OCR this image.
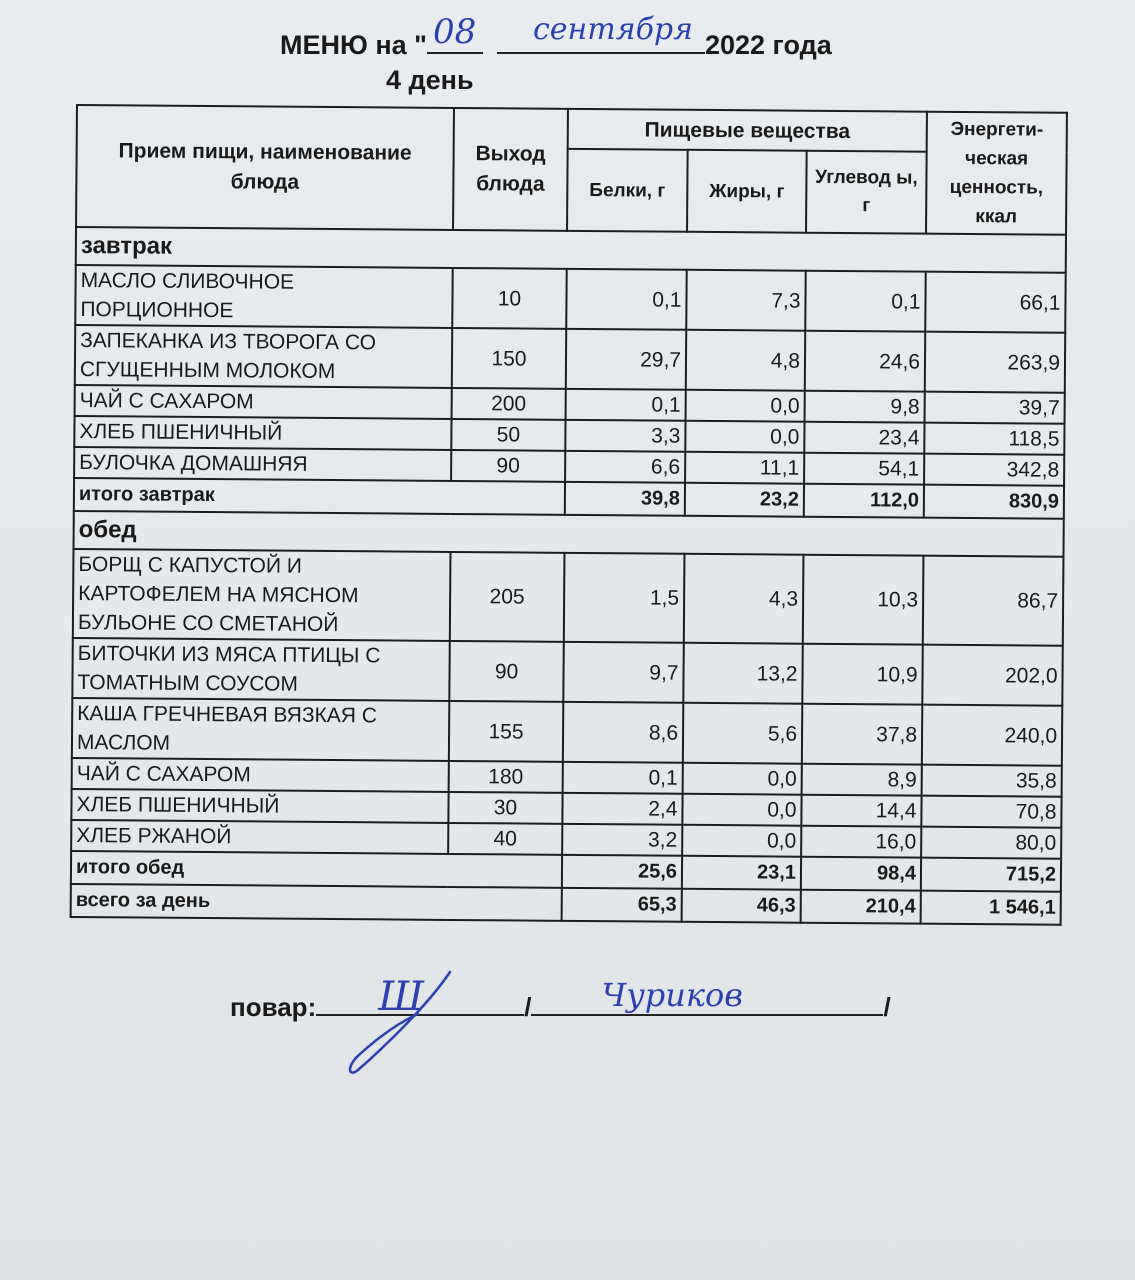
МЕНЮ на " 08 сентября 2022 года
4 день
Прием пищи, наименование блюда	Выход блюда	Пищевые вещества			Энергети-ческая ценность, ккал
		Белки, г	Жиры, г	Углевод ы, г	
завтрак					
МАСЛО СЛИВОЧНОЕ ПОРЦИОННОЕ	10	0,1	7,3	0,1	66,1
ЗАПЕКАНКА ИЗ ТВОРОГА СО СГУЩЕННЫМ МОЛОКОМ	150	29,7	4,8	24,6	263,9
ЧАЙ С САХАРОМ	200	0,1	0,0	9,8	39,7
ХЛЕБ ПШЕНИЧНЫЙ	50	3,3	0,0	23,4	118,5
БУЛОЧКА ДОМАШНЯЯ	90	6,6	11,1	54,1	342,8
итого завтрак		39,8	23,2	112,0	830,9
обед					
БОРЩ С КАПУСТОЙ И КАРТОФЕЛЕМ НА МЯСНОМ БУЛЬОНЕ СО СМЕТАНОЙ	205	1,5	4,3	10,3	86,7
БИТОЧКИ ИЗ МЯСА ПТИЦЫ С ТОМАТНЫМ СОУСОМ	90	9,7	13,2	10,9	202,0
КАША ГРЕЧНЕВАЯ ВЯЗКАЯ С МАСЛОМ	155	8,6	5,6	37,8	240,0
ЧАЙ С САХАРОМ	180	0,1	0,0	8,9	35,8
ХЛЕБ ПШЕНИЧНЫЙ	30	2,4	0,0	14,4	70,8
ХЛЕБ РЖАНОЙ	40	3,2	0,0	16,0	80,0
итого обед		25,6	23,1	98,4	715,2
всего за день		65,3	46,3	210,4	1 546,1
повар: Ш	/ Чуриков	/
